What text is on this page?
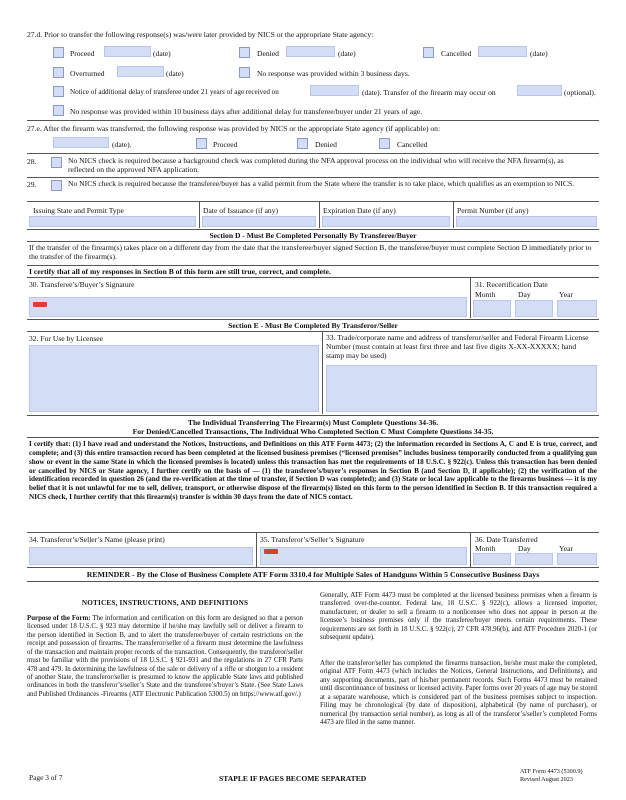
27.d. Prior to transfer the following response(s) was/were later provided by NICS or the appropriate State agency:
Proceed	(date)	Denied	(date)	Cancelled	(date)
Overturned	(date)	No response was provided within 3 business days.
Notice of additional delay of transferee under 21 years of age received on	(date). Transfer of the firearm may occur on	(optional).
No response was provided within 10 business days after additional delay for transferee/buyer under 21 years of age.
27.e. After the firearm was transferred, the following response was provided by NICS or the appropriate State agency (if applicable) on:
(date).	Proceed	Denied	Cancelled
28.	No NICS check is required because a background check was completed during the NFA approval process on the individual who will receive the NFA firearm(s), as reflected on the approved NFA application.
29.	No NICS check is required because the transferee/buyer has a valid permit from the State where the transfer is to take place, which qualifies as an exemption to NICS.
Issuing State and Permit Type	Date of Issuance (if any)	Expiration Date (if any)	Permit Number (if any)
Section D - Must Be Completed Personally By Transferee/Buyer
If the transfer of the firearm(s) takes place on a different day from the date that the transferee/buyer signed Section B, the transferee/buyer must complete Section D immediately prior to the transfer of the firearm(s).
I certify that all of my responses in Section B of this form are still true, correct, and complete.
30. Transferee’s/Buyer’s Signature	31. Recertification Date
Month	Day	Year
Section E - Must Be Completed By Transferor/Seller
32. For Use by Licensee	33. Trade/corporate name and address of transferor/seller and Federal Firearm License Number (must contain at least first three and last five digits X-XX-XXXXX; hand stamp may be used)
The Individual Transferring The Firearm(s) Must Complete Questions 34-36.
For Denied/Cancelled Transactions, The Individual Who Completed Section C Must Complete Questions 34-35.
I certify that: (1) I have read and understand the Notices, Instructions, and Definitions on this ATF Form 4473; (2) the information recorded in Sections A, C and E is true, correct, and complete; and (3) this entire transaction record has been completed at the licensed business premises (“licensed premises” includes business temporarily conducted from a qualifying gun show or event in the same State in which the licensed premises is located) unless this transaction has met the requirements of 18 U.S.C. § 922(c). Unless this transaction has been denied or cancelled by NICS or State agency, I further certify on the basis of — (1) the transferee’s/buyer’s responses in Section B (and Section D, if applicable); (2) the verification of the identification recorded in question 26 (and the re-verification at the time of transfer, if Section D was completed); and (3) State or local law applicable to the firearms business — it is my belief that it is not unlawful for me to sell, deliver, transport, or otherwise dispose of the firearm(s) listed on this form to the person identified in Section B. If this transaction required a NICS check, I further certify that this firearm(s) transfer is within 30 days from the date of NICS contact.
34. Transferor’s/Seller’s Name (please print)	35. Transferor’s/Seller’s Signature	36. Date Transferred
Month	Day	Year
REMINDER - By the Close of Business Complete ATF Form 3310.4 for Multiple Sales of Handguns Within 5 Consecutive Business Days
NOTICES, INSTRUCTIONS, AND DEFINITIONS
Purpose of the Form: The information and certification on this form are designed so that a person licensed under 18 U.S.C. § 923 may determine if he/she may lawfully sell or deliver a firearm to the person identified in Section B, and to alert the transferee/buyer of certain restrictions on the receipt and possession of firearms. The transferor/seller of a firearm must determine the lawfulness of the transaction and maintain proper records of the transaction. Consequently, the transferor/seller must be familiar with the provisions of 18 U.S.C. § 921-931 and the regulations in 27 CFR Parts 478 and 479. In determining the lawfulness of the sale or delivery of a rifle or shotgun to a resident of another State, the transferor/seller is presumed to know the applicable State laws and published ordinances in both the transferor’s/seller’s State and the transferee’s/buyer’s State. (See State Laws and Published Ordinances -Firearms (ATF Electronic Publication 5300.5) on https://www.atf.gov/.)
Generally, ATF Form 4473 must be completed at the licensed business premises when a firearm is transferred over-the-counter. Federal law, 18 U.S.C. § 922(c), allows a licensed importer, manufacturer, or dealer to sell a firearm to a nonlicensee who does not appear in person at the licensee’s business premises only if the transferee/buyer meets certain requirements. These requirements are set forth in 18 U.S.C. § 922(c), 27 CFR 478.96(b), and ATF Procedure 2020-1 (or subsequent update).
After the transferor/seller has completed the firearms transaction, he/she must make the completed, original ATF Form 4473 (which includes the Notices, General Instructions, and Definitions), and any supporting documents, part of his/her permanent records. Such Forms 4473 must be retained until discontinuance of business or licensed activity. Paper forms over 20 years of age may be stored at a separate warehouse, which is considered part of the business premises subject to inspection. Filing may be chronological (by date of disposition), alphabetical (by name of purchaser), or numerical (by transaction serial number), as long as all of the transferor’s/seller’s completed Forms 4473 are filed in the same manner.
Page 3 of 7	STAPLE IF PAGES BECOME SEPARATED
ATF Form 4473 (5300.9)
Revised August 2023
